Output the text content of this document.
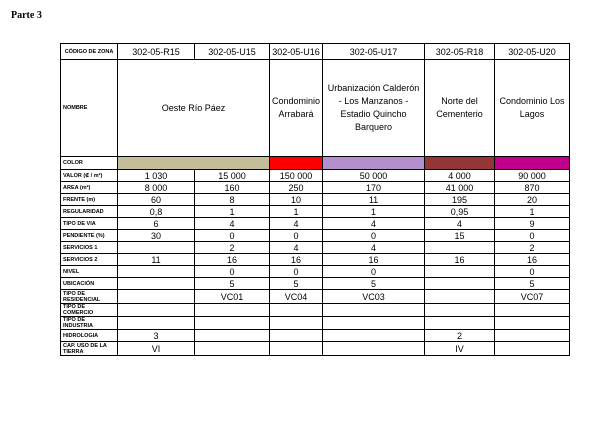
Parte 3
CÓDIGO DE ZONA	302-05-R15	302-05-U15	302-05-U16	302-05-U17	302-05-R18	302-05-U20
NOMBRE	Oeste Río Páez		Condominio Arrabará	Urbanización Calderón - Los Manzanos - Estadio Quincho Barquero	Norte del Cementerio	Condominio Los Lagos
COLOR						
VALOR (₡ / m²)	1 030	15 000	150 000	50 000	4 000	90 000
AREA (m²)	8 000	160	250	170	41 000	870
FRENTE (m)	60	8	10	11	195	20
REGULARIDAD	0,8	1	1	1	0,95	1
TIPO DE VIA	6	4	4	4	4	9
PENDIENTE (%)	30	0	0	0	15	0
SERVICIOS 1		2	4	4		2
SERVICIOS 2	11	16	16	16	16	16
NIVEL		0	0	0		0
UBICACIÓN		5	5	5		5
TIPO DE RESIDENCIAL		VC01	VC04	VC03		VC07
TIPO DE COMERCIO						
TIPO DE INDUSTRIA						
HIDROLOGIA	3				2	
CAP. USO DE LA TIERRA	VI				IV	
